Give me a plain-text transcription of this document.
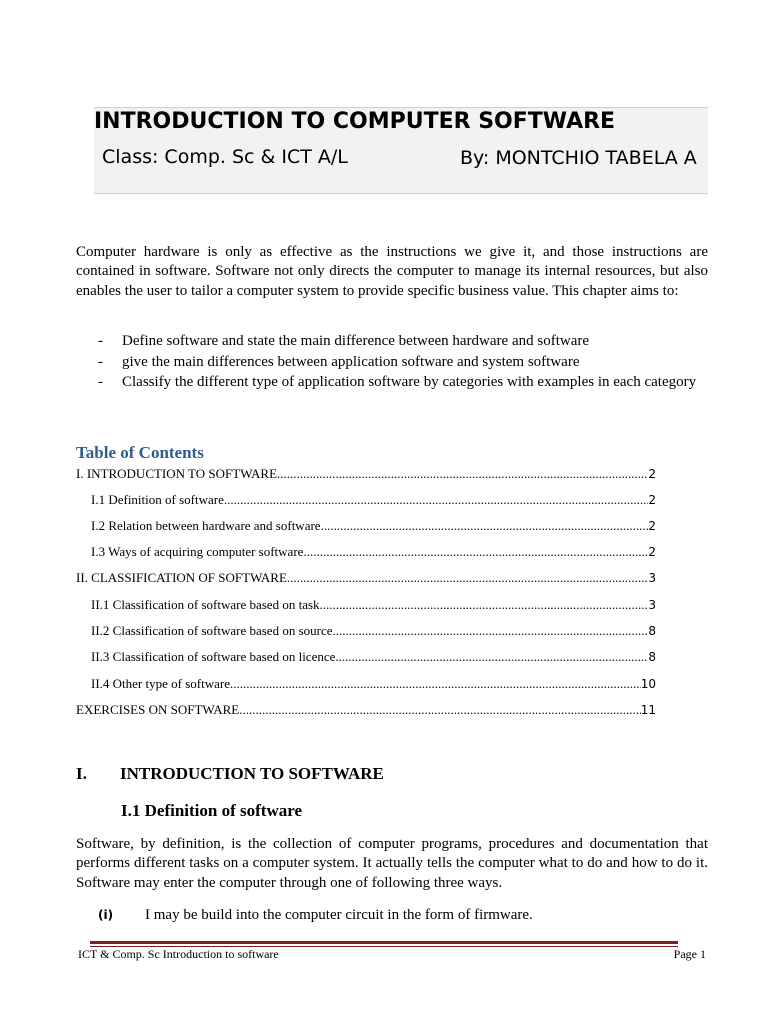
INTRODUCTION TO COMPUTER SOFTWARE
Class: Comp. Sc & ICT A/L	By: MONTCHIO TABELA A

Computer hardware is only as effective as the instructions we give it, and those instructions are contained in software. Software not only directs the computer to manage its internal resources, but also enables the user to tailor a computer system to provide specific business value. This chapter aims to:

- Define software and state the main difference between hardware and software
- give the main differences between application software and system software
- Classify the different type of application software by categories with examples in each category
Table of Contents
I. INTRODUCTION TO SOFTWARE .....	2
I.1 Definition of software .....	2
I.2 Relation between hardware and software .....	2
I.3 Ways of acquiring computer software .....	2
II. CLASSIFICATION OF SOFTWARE .....	3
II.1 Classification of software based on task .....	3
II.2 Classification of software based on source .....	8
II.3 Classification of software based on licence .....	8
II.4 Other type of software .....	10
EXERCISES ON SOFTWARE .....	11
I. INTRODUCTION TO SOFTWARE
I.1 Definition of software

Software, by definition, is the collection of computer programs, procedures and documentation that performs different tasks on a computer system. It actually tells the computer what to do and how to do it. Software may enter the computer through one of following three ways.

(i) I may be build into the computer circuit in the form of firmware.
ICT & Comp. Sc Introduction to software	Page 1
